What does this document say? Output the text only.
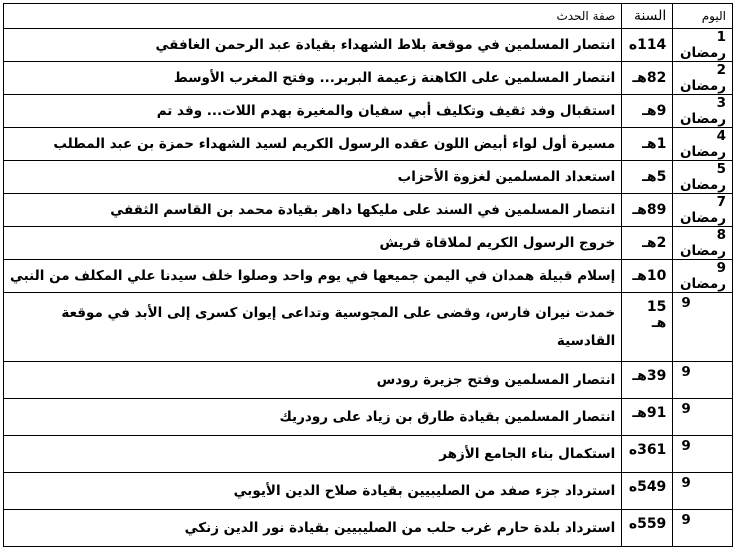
اليوم	السنة	صفة الحدث
1 رمضان	114ه	انتصار المسلمين في موقعة بلاط الشهداء بقيادة عبد الرحمن الغافقي
2 رمضان	82هـ	انتصار المسلمين على الكاهنة زعيمة البربر... وفتح المغرب الأوسط
3 رمضان	9هـ	استقبال وفد ثقيف وتكليف أبي سفيان والمغيرة بهدم اللات... وقد تم
4 رمضان	1هـ	مسيرة أول لواء أبيض اللون عقده الرسول الكريم لسيد الشهداء حمزة بن عبد المطلب
5 رمضان	5هـ	استعداد المسلمين لغزوة الأحزاب
7 رمضان	89هـ	انتصار المسلمين في السند على مليكها داهر بقيادة محمد بن القاسم الثقفي
8 رمضان	2هـ	خروج الرسول الكريم لملاقاة قريش
9 رمضان	10هـ	إسلام قبيلة همدان في اليمن جميعها في يوم واحد وصلوا خلف سيدنا علي المكلف من النبي
9	15 هـ	خمدت نيران فارس، وقضى على المجوسية وتداعى إيوان كسرى إلى الأبد في موقعة القادسية
9	39هـ	انتصار المسلمين وفتح جزيرة رودس
9	91هـ	انتصار المسلمين بقيادة طارق بن زياد على رودريك
9	361ه	استكمال بناء الجامع الأزهر
9	549ه	استرداد جزء صفد من الصليبيين بقيادة صلاح الدين الأيوبي
9	559ه	استرداد بلدة حارم غرب حلب من الصليبيين بقيادة نور الدين زنكي
